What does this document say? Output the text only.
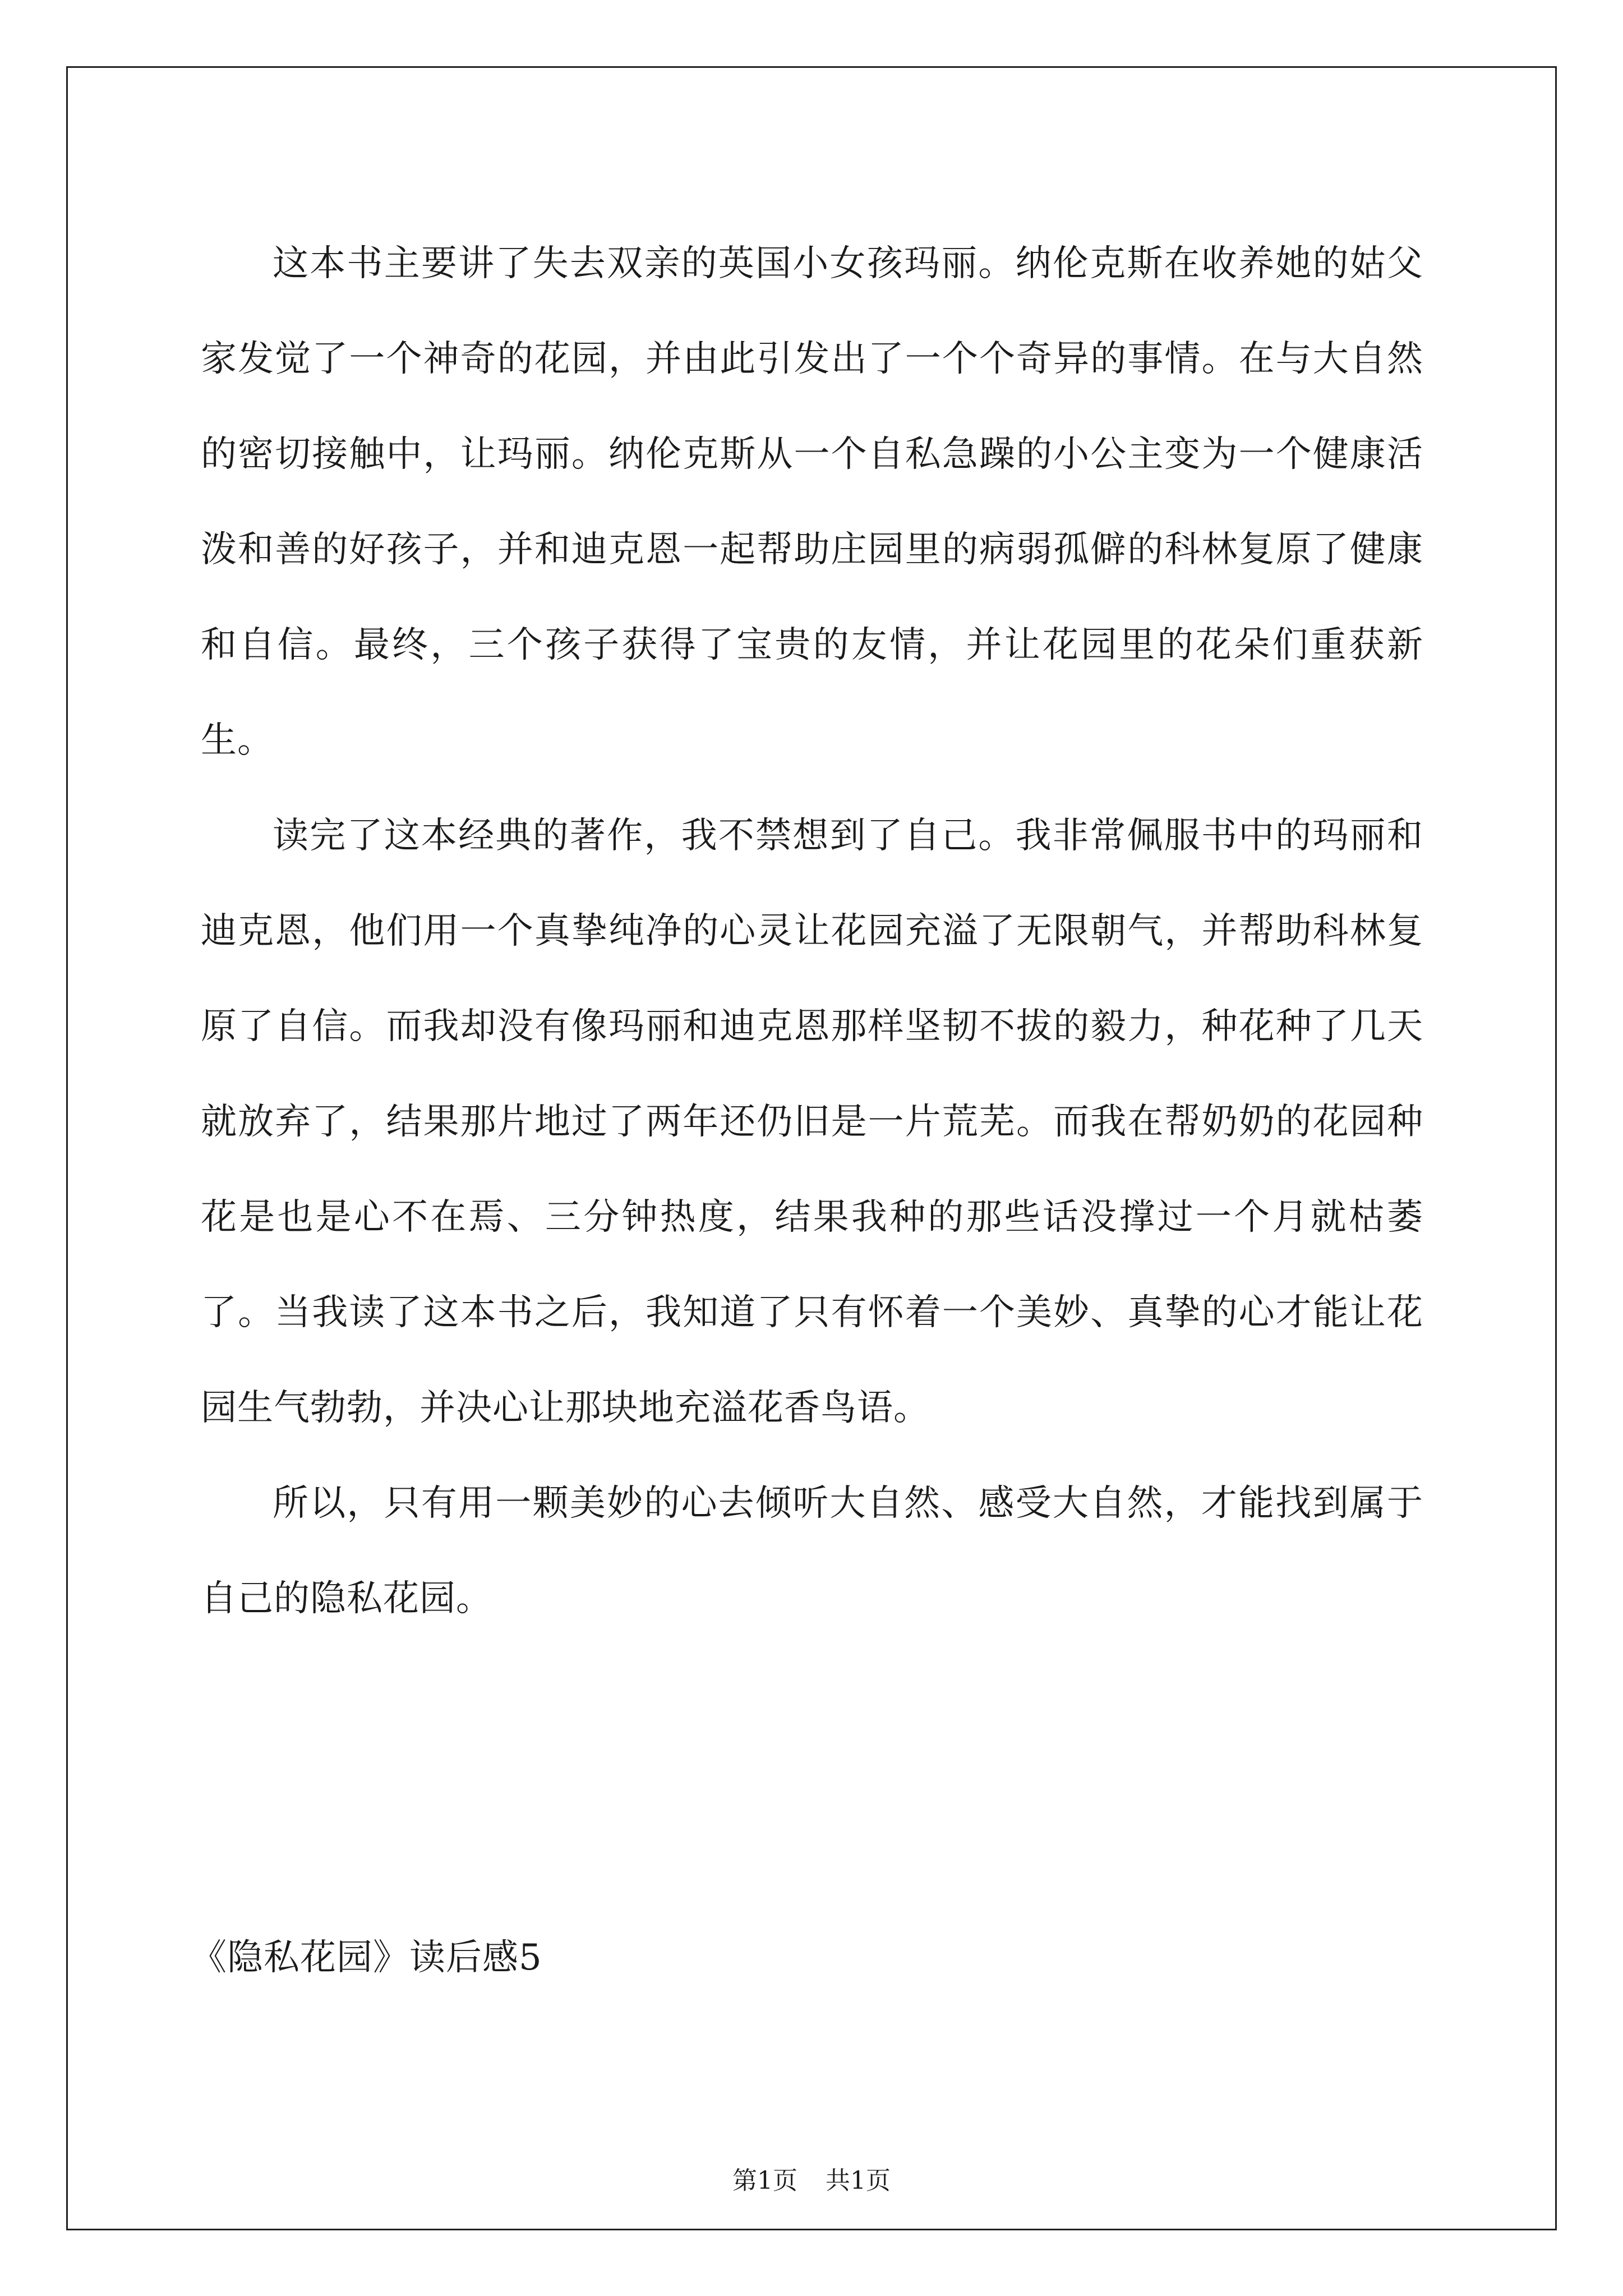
这本书主要讲了失去双亲的英国小女孩玛丽。纳伦克斯在收养她的姑父家发觉了一个神奇的花园，并由此引发出了一个个奇异的事情。在与大自然的密切接触中，让玛丽。纳伦克斯从一个自私急躁的小公主变为一个健康活泼和善的好孩子，并和迪克恩一起帮助庄园里的病弱孤僻的科林复原了健康和自信。最终，三个孩子获得了宝贵的友情，并让花园里的花朵们重获新生。

读完了这本经典的著作，我不禁想到了自己。我非常佩服书中的玛丽和迪克恩，他们用一个真挚纯净的心灵让花园充溢了无限朝气，并帮助科林复原了自信。而我却没有像玛丽和迪克恩那样坚韧不拔的毅力，种花种了几天就放弃了，结果那片地过了两年还仍旧是一片荒芜。而我在帮奶奶的花园种花是也是心不在焉、三分钟热度，结果我种的那些话没撑过一个月就枯萎了。当我读了这本书之后，我知道了只有怀着一个美妙、真挚的心才能让花园生气勃勃，并决心让那块地充溢花香鸟语。

所以，只有用一颗美妙的心去倾听大自然、感受大自然，才能找到属于自己的隐私花园。

《隐私花园》读后感5
第1页 共1页
